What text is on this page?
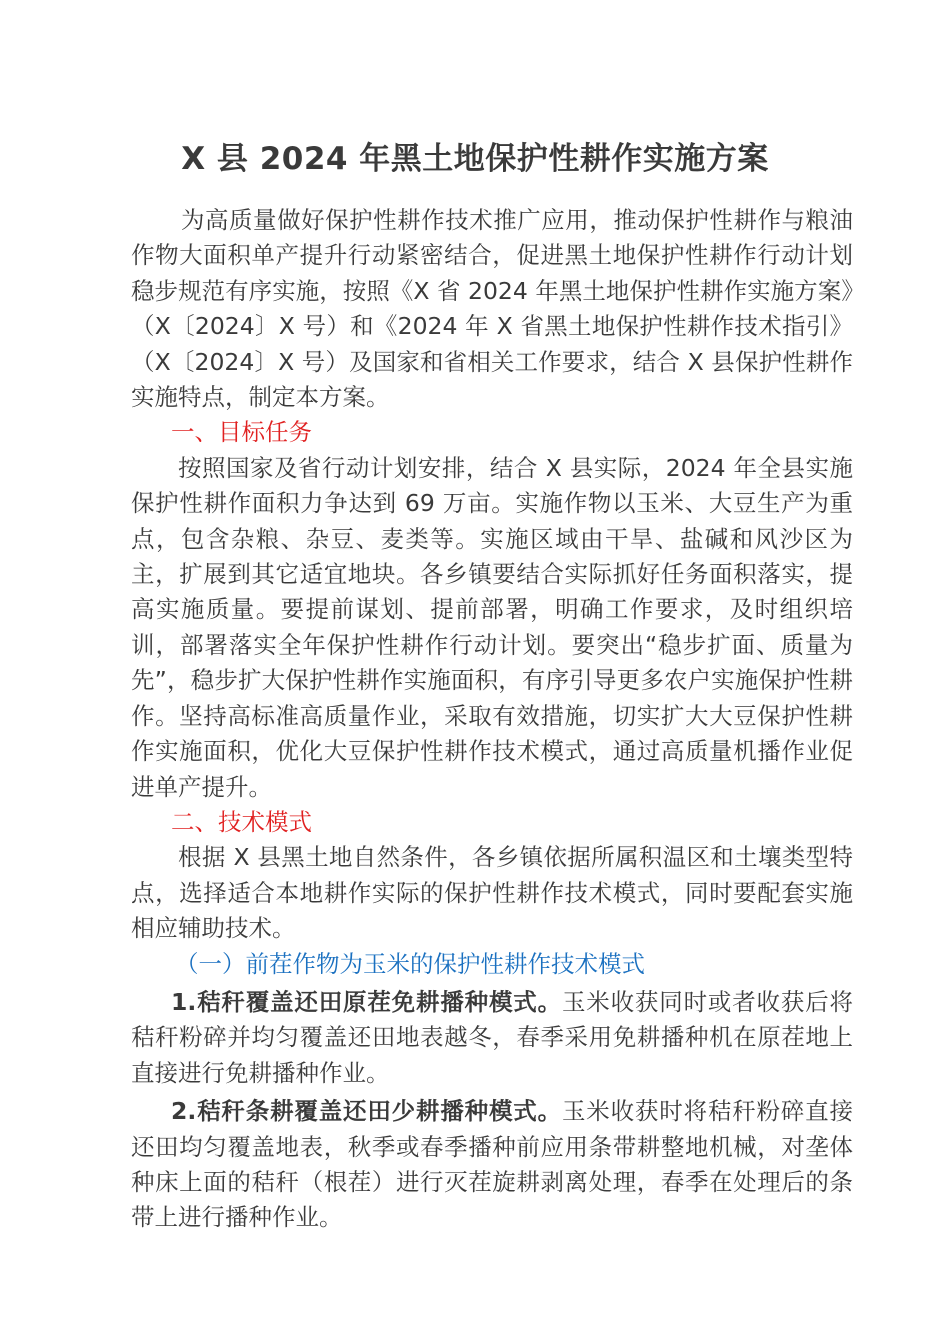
X 县 2024 年黑土地保护性耕作实施方案

为高质量做好保护性耕作技术推广应用，推动保护性耕作与粮油作物大面积单产提升行动紧密结合，促进黑土地保护性耕作行动计划稳步规范有序实施，按照《X 省 2024 年黑土地保护性耕作实施方案》（X〔2024〕X 号）和《2024 年 X 省黑土地保护性耕作技术指引》（X〔2024〕X 号）及国家和省相关工作要求，结合 X 县保护性耕作实施特点，制定本方案。

一、目标任务

按照国家及省行动计划安排，结合 X 县实际，2024 年全县实施保护性耕作面积力争达到 69 万亩。实施作物以玉米、大豆生产为重点，包含杂粮、杂豆、麦类等。实施区域由干旱、盐碱和风沙区为主，扩展到其它适宜地块。各乡镇要结合实际抓好任务面积落实，提高实施质量。要提前谋划、提前部署，明确工作要求，及时组织培训，部署落实全年保护性耕作行动计划。要突出“稳步扩面、质量为先”，稳步扩大保护性耕作实施面积，有序引导更多农户实施保护性耕作。坚持高标准高质量作业，采取有效措施，切实扩大大豆保护性耕作实施面积，优化大豆保护性耕作技术模式，通过高质量机播作业促进单产提升。

二、技术模式

根据 X 县黑土地自然条件，各乡镇依据所属积温区和土壤类型特点，选择适合本地耕作实际的保护性耕作技术模式，同时要配套实施相应辅助技术。

（一）前茬作物为玉米的保护性耕作技术模式

1.秸秆覆盖还田原茬免耕播种模式。玉米收获同时或者收获后将秸秆粉碎并均匀覆盖还田地表越冬，春季采用免耕播种机在原茬地上直接进行免耕播种作业。

2.秸秆条耕覆盖还田少耕播种模式。玉米收获时将秸秆粉碎直接还田均匀覆盖地表，秋季或春季播种前应用条带耕整地机械，对垄体种床上面的秸秆（根茬）进行灭茬旋耕剥离处理，春季在处理后的条带上进行播种作业。
